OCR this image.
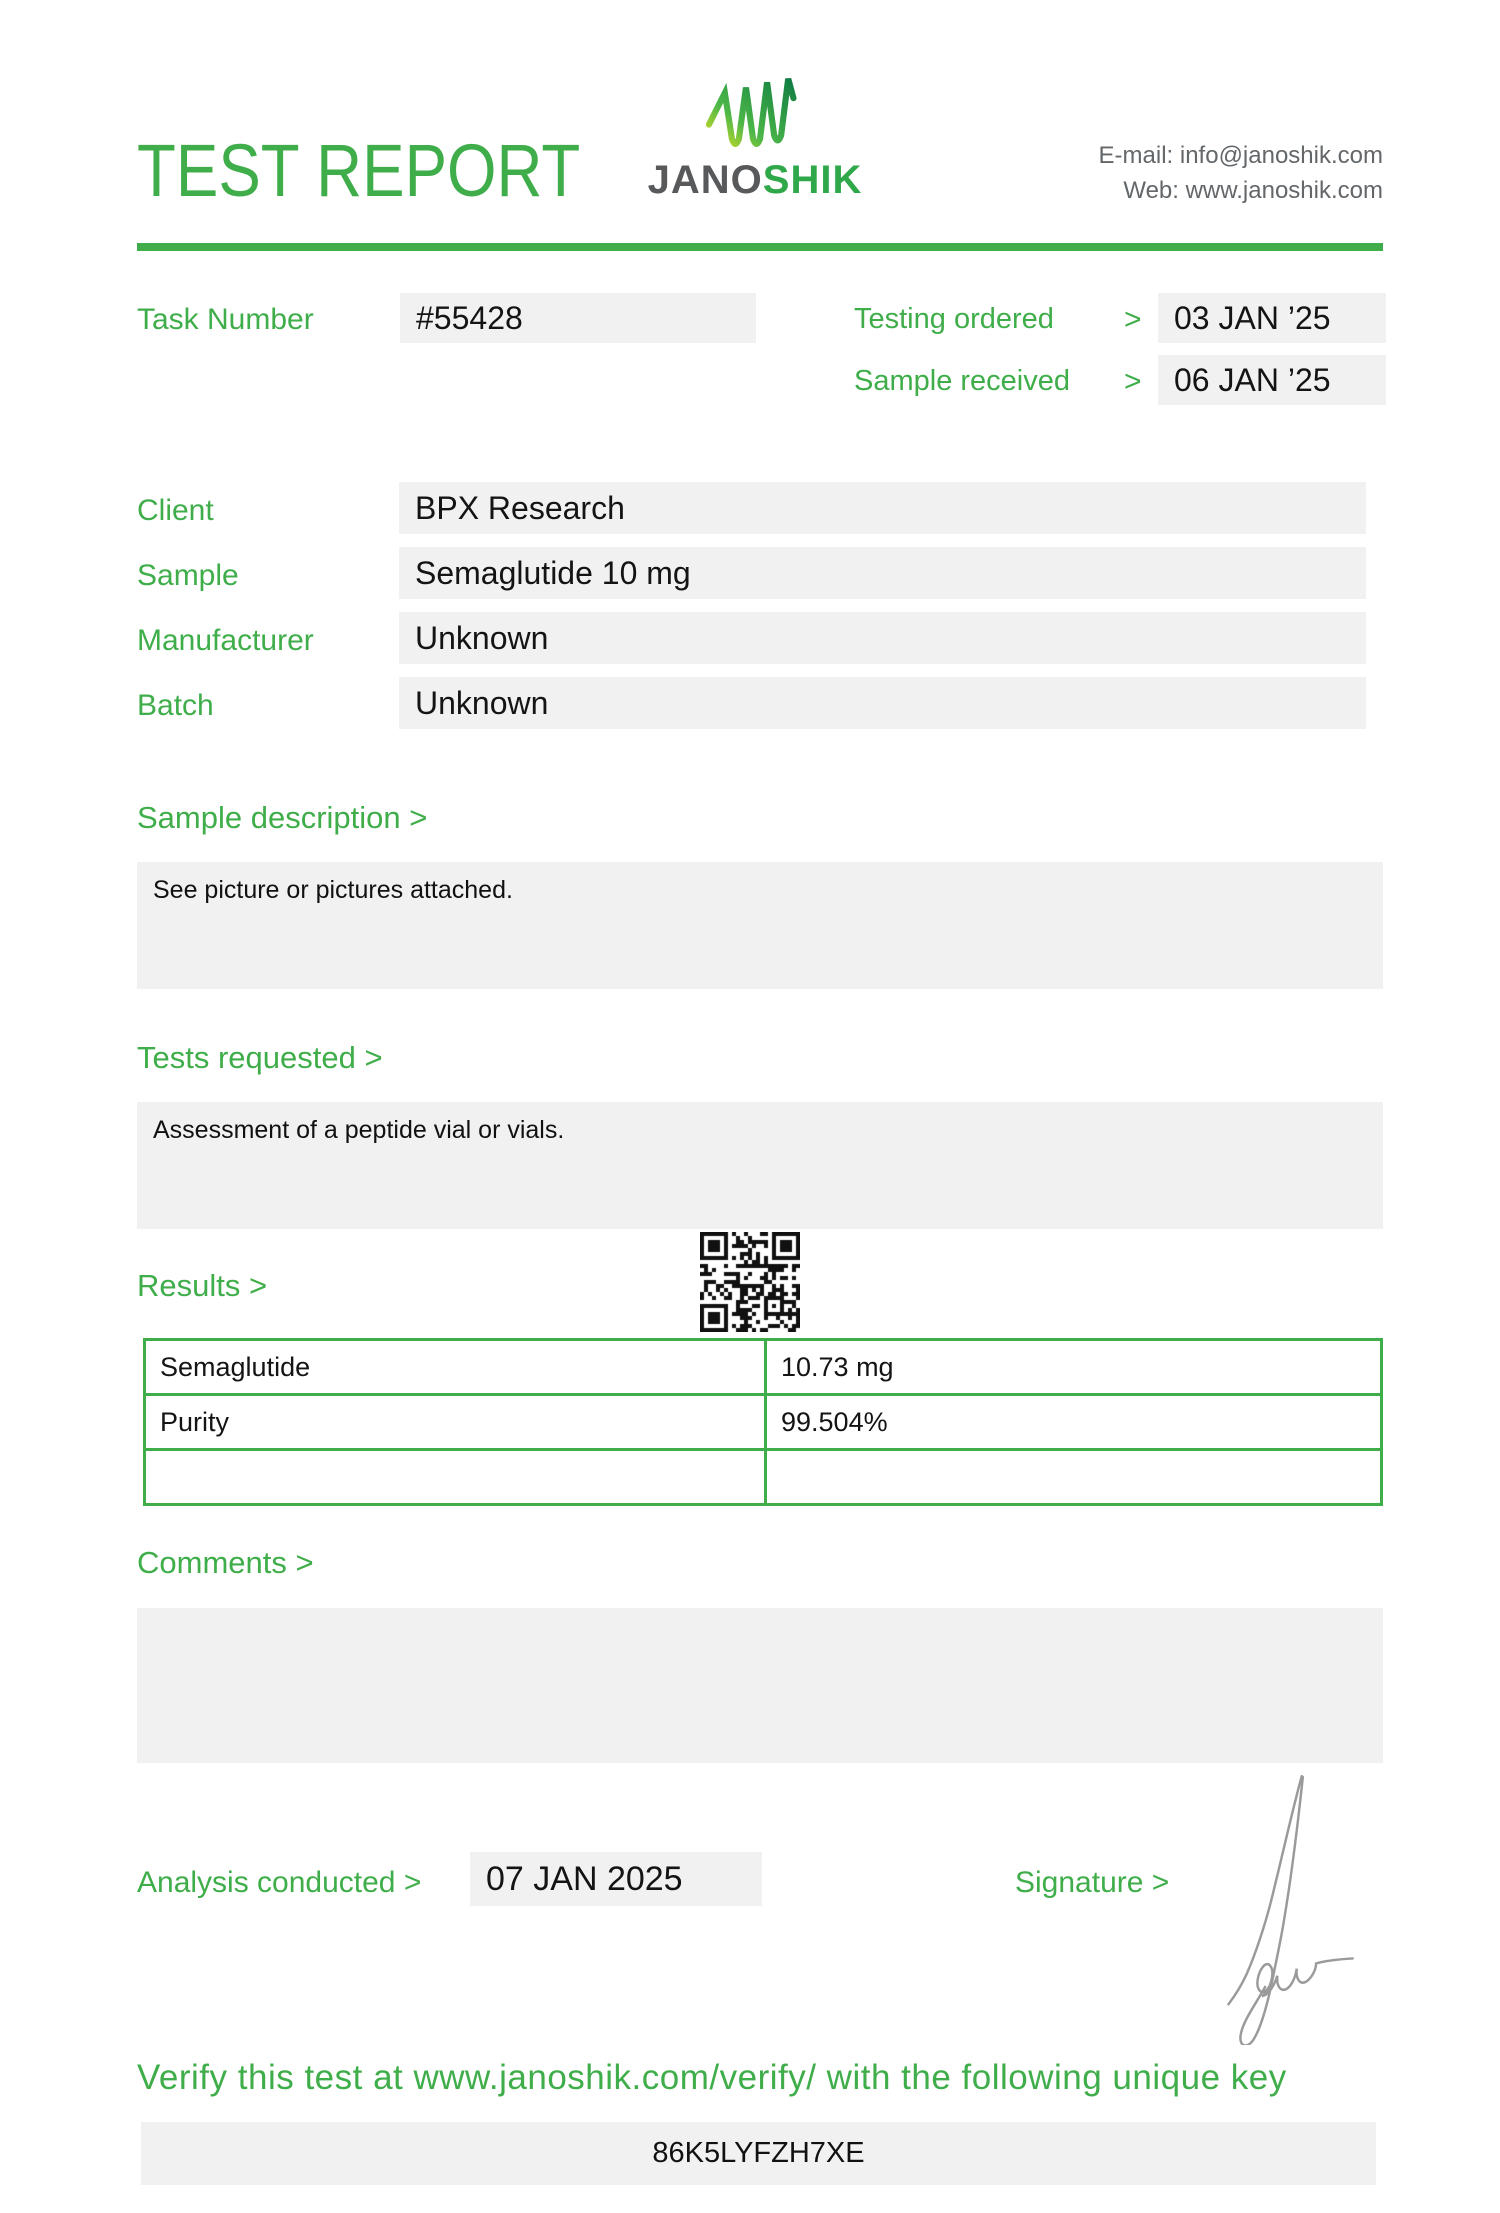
TEST REPORT	JANOSHIK
E-mail: info@janoshik.com
Web: www.janoshik.com
Task Number	#55428	Testing ordered >	03 JAN ’25
Sample received >	06 JAN ’25
Client	BPX Research
Sample	Semaglutide 10 mg
Manufacturer	Unknown
Batch	Unknown
Sample description >
See picture or pictures attached.
Tests requested >
Assessment of a peptide vial or vials.
Results >
Semaglutide	10.73 mg
Purity	99.504%

Comments >
Analysis conducted >	07 JAN 2025	Signature >
Verify this test at www.janoshik.com/verify/ with the following unique key
86K5LYFZH7XE
